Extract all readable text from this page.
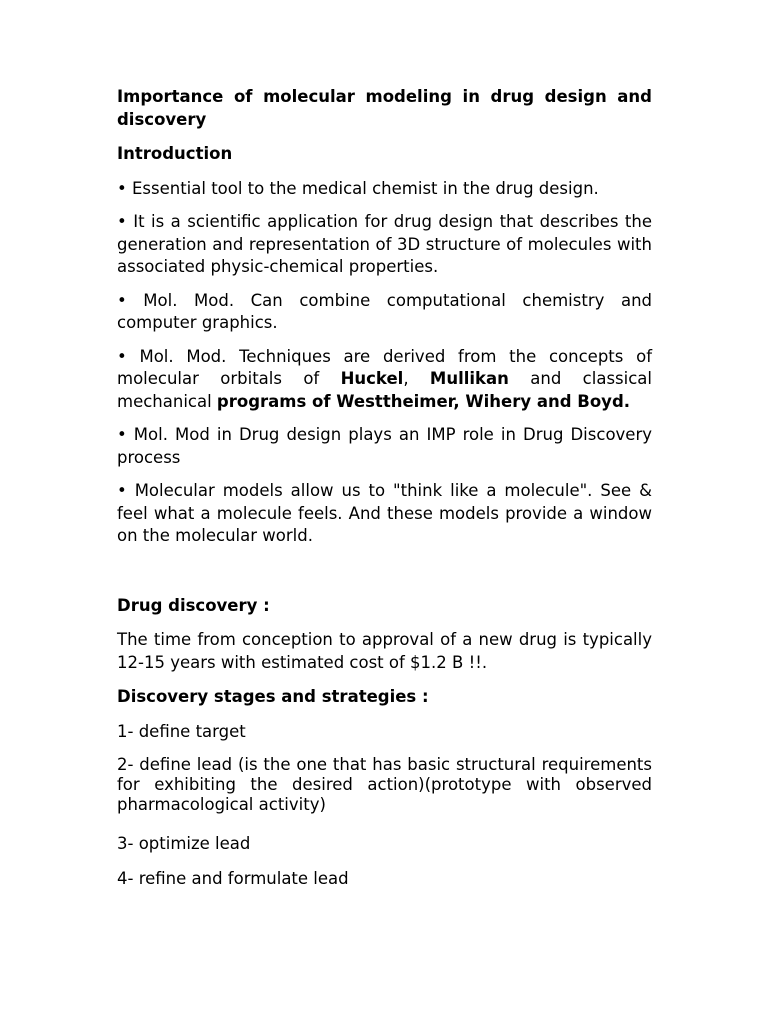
Importance of molecular modeling in drug design and discovery

Introduction

• Essential tool to the medical chemist in the drug design.

• It is a scientific application for drug design that describes the generation and representation of 3D structure of molecules with associated physic-chemical properties.

• Mol. Mod. Can combine computational chemistry and computer graphics.

• Mol. Mod. Techniques are derived from the concepts of molecular orbitals of Huckel, Mullikan and classical mechanical programs of Westtheimer, Wihery and Boyd.

• Mol. Mod in Drug design plays an IMP role in Drug Discovery process

• Molecular models allow us to "think like a molecule". See & feel what a molecule feels. And these models provide a window on the molecular world.

Drug discovery :

The time from conception to approval of a new drug is typically 12-15 years with estimated cost of $1.2 B !!.

Discovery stages and strategies :

1- define target

2- define lead (is the one that has basic structural requirements for exhibiting the desired action)(prototype with observed pharmacological activity)

3- optimize lead

4- refine and formulate lead
